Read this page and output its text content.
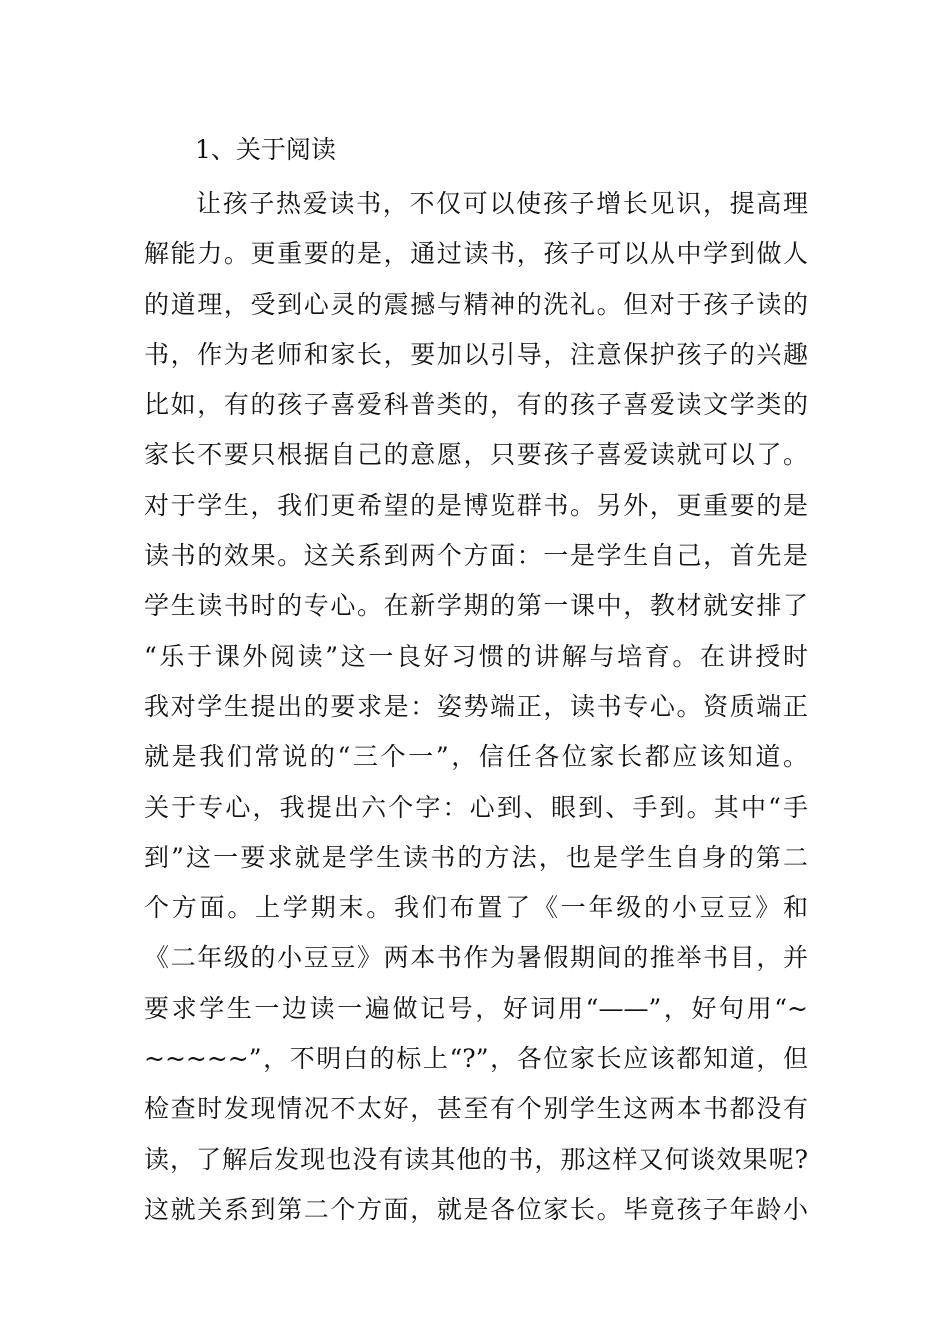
1、关于阅读
让孩子热爱读书，不仅可以使孩子增长见识，提高理
解能力。更重要的是，通过读书，孩子可以从中学到做人
的道理，受到心灵的震撼与精神的洗礼。但对于孩子读的
书，作为老师和家长，要加以引导，注意保护孩子的兴趣
比如，有的孩子喜爱科普类的，有的孩子喜爱读文学类的
家长不要只根据自己的意愿，只要孩子喜爱读就可以了。
对于学生，我们更希望的是博览群书。另外，更重要的是
读书的效果。这关系到两个方面：一是学生自己，首先是
学生读书时的专心。在新学期的第一课中，教材就安排了
“乐于课外阅读”这一良好习惯的讲解与培育。在讲授时
我对学生提出的要求是：姿势端正，读书专心。资质端正
就是我们常说的“三个一”，信任各位家长都应该知道。
关于专心，我提出六个字：心到、眼到、手到。其中“手
到”这一要求就是学生读书的方法，也是学生自身的第二
个方面。上学期末。我们布置了《一年级的小豆豆》和
《二年级的小豆豆》两本书作为暑假期间的推举书目，并
要求学生一边读一遍做记号，好词用“——”，好句用“~
~~~~~”，不明白的标上“?”，各位家长应该都知道，但
检查时发现情况不太好，甚至有个别学生这两本书都没有
读，了解后发现也没有读其他的书，那这样又何谈效果呢?
这就关系到第二个方面，就是各位家长。毕竟孩子年龄小
